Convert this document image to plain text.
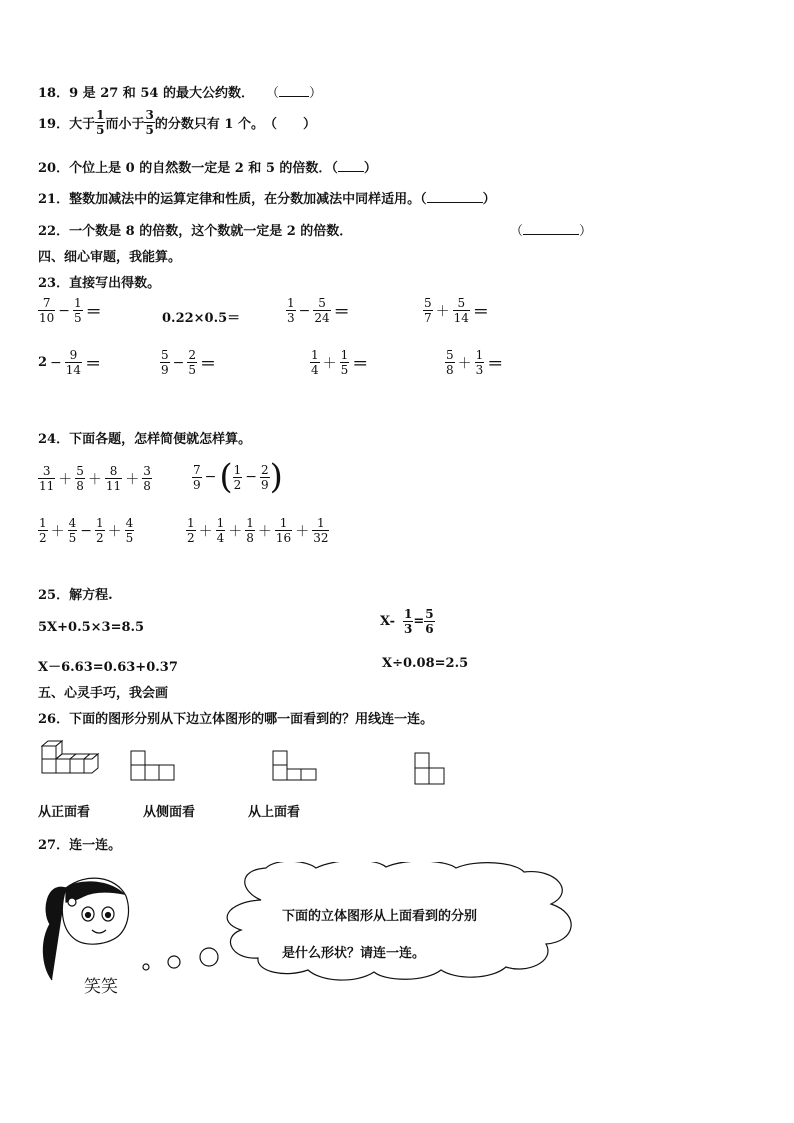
18．9 是 27 和 54 的最大公约数． （ ）
19． 大于 $\frac{1}{5}$ 而小于 $\frac{3}{5}$ 的分数只有 1 个。 （　　）
20．个位上是 0 的自然数一定是 2 和 5 的倍数．（ ）
21．整数加减法中的运算定律和性质，在分数加减法中同样适用。（	）
22．一个数是 8 的倍数，这个数就一定是 2 的倍数．	（	）
四、细心审题，我能算。
23．直接写出得数。
$\frac{7}{10} - \frac{1}{5}$ ＝	0.22×0.5＝	$\frac{1}{3} - \frac{5}{24}$ ＝	$\frac{5}{7} + \frac{5}{14}$ ＝
$2 - \frac{9}{14}$ ＝	$\frac{5}{9} - \frac{2}{5}$ ＝	$\frac{1}{4} + \frac{1}{5}$ ＝	$\frac{5}{8} + \frac{1}{3}$ ＝
24．下面各题，怎样简便就怎样算。
$\frac{3}{11} + \frac{5}{8} + \frac{8}{11} + \frac{3}{8}$	$\frac{7}{9}$ − ( $\frac{1}{2} - \frac{2}{9}$ )
$\frac{1}{2} + \frac{4}{5} - \frac{1}{2} + \frac{4}{5}$	$\frac{1}{2} + \frac{1}{4} + \frac{1}{8} + \frac{1}{16} + \frac{1}{32}$
25．解方程.
5X+0.5×3=8.5	$X- \frac{1}{3} = \frac{5}{6}$
X－6.63=0.63+0.37	X÷0.08=2.5
五、心灵手巧，我会画
26．下面的图形分别从下边立体图形的哪一面看到的？用线连一连。
从正面看	从侧面看	从上面看
27．连一连。
笑笑
下面的立体图形从上面看到的分别
是什么形状？请连一连。
